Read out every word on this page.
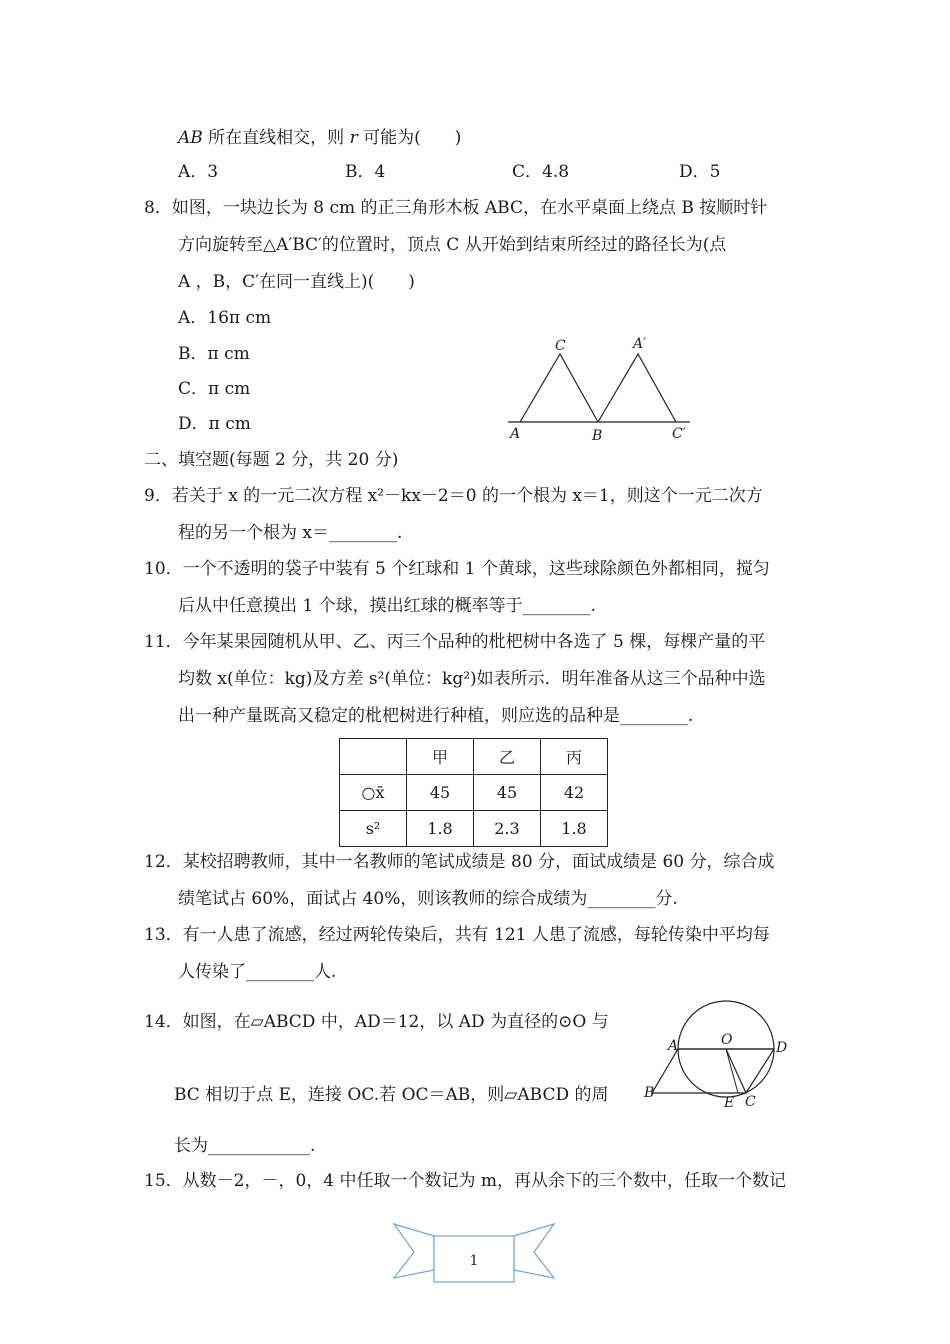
AB 所在直线相交，则 r 可能为(　　)
A．3	B．4	C．4.8	D．5
8．如图，一块边长为 8 cm 的正三角形木板 ABC，在水平桌面上绕点 B 按顺时针
方向旋转至△A′BC′的位置时，顶点 C 从开始到结束所经过的路径长为(点
A ，B，C′在同一直线上)(　　)
A．16π cm
B．π cm
C．π cm
D．π cm
C	A′
A	B	C′
二、填空题(每题 2 分，共 20 分)
9．若关于 x 的一元二次方程 x²－kx－2＝0 的一个根为 x＝1，则这个一元二次方
程的另一个根为 x＝________.
10．一个不透明的袋子中装有 5 个红球和 1 个黄球，这些球除颜色外都相同，搅匀
后从中任意摸出 1 个球，摸出红球的概率等于________.
11．今年某果园随机从甲、乙、丙三个品种的枇杷树中各选了 5 棵，每棵产量的平
均数 x(单位：kg)及方差 s²(单位：kg²)如表所示．明年准备从这三个品种中选
出一种产量既高又稳定的枇杷树进行种植，则应选的品种是________.
	甲	乙	丙
○x̄	45	45	42
s²	1.8	2.3	1.8
12．某校招聘教师，其中一名教师的笔试成绩是 80 分，面试成绩是 60 分，综合成
绩笔试占 60%，面试占 40%，则该教师的综合成绩为________分.
13．有一人患了流感，经过两轮传染后，共有 121 人患了流感，每轮传染中平均每
人传染了________人.
14．如图，在▱ABCD 中，AD＝12，以 AD 为直径的⊙O 与
BC 相切于点 E，连接 OC.若 OC＝AB，则▱ABCD 的周
长为____________.
A	O	D
B
E C
15．从数－2，－，0，4 中任取一个数记为 m，再从余下的三个数中，任取一个数记
1
